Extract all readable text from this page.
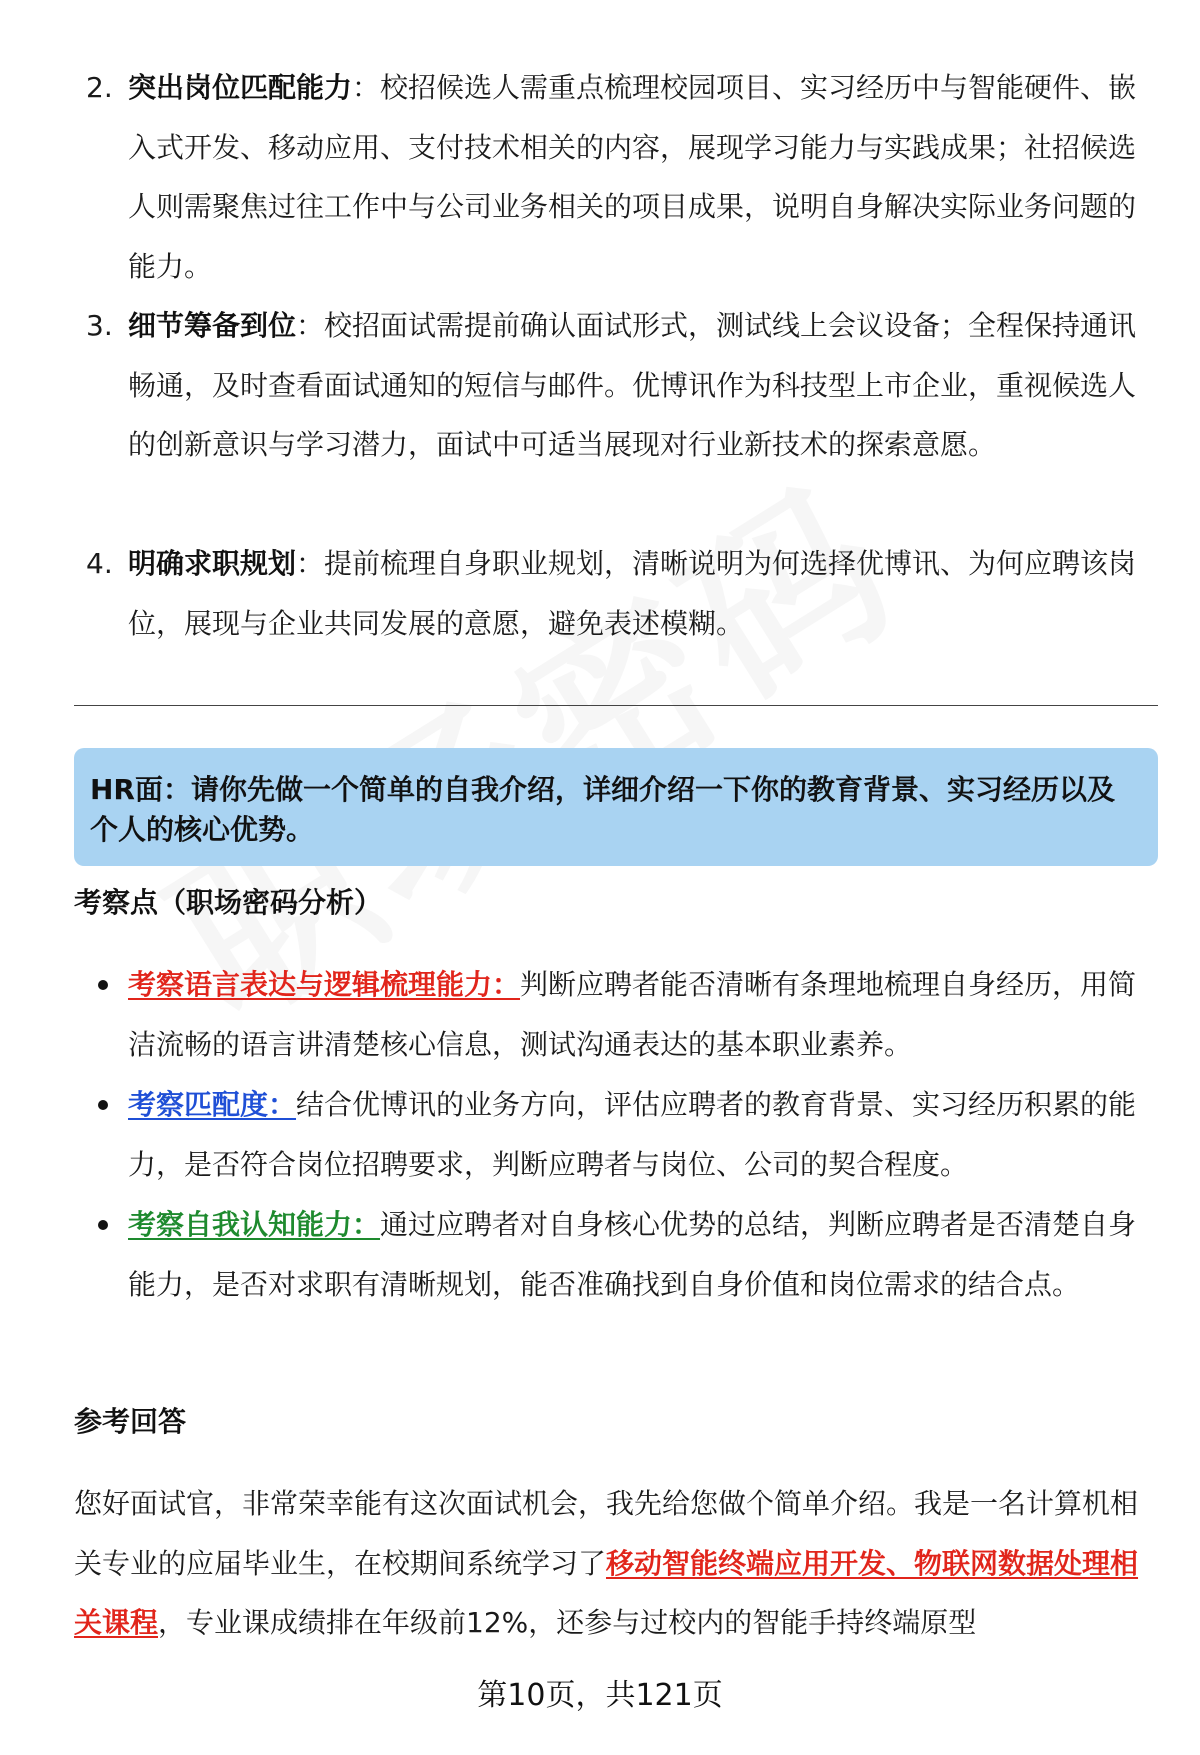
2. 突出岗位匹配能力：校招候选人需重点梳理校园项目、实习经历中与智能硬件、嵌入式开发、移动应用、支付技术相关的内容，展现学习能力与实践成果；社招候选人则需聚焦过往工作中与公司业务相关的项目成果，说明自身解决实际业务问题的能力。
3. 细节筹备到位：校招面试需提前确认面试形式，测试线上会议设备；全程保持通讯畅通，及时查看面试通知的短信与邮件。优博讯作为科技型上市企业，重视候选人的创新意识与学习潜力，面试中可适当展现对行业新技术的探索意愿。
4. 明确求职规划：提前梳理自身职业规划，清晰说明为何选择优博讯、为何应聘该岗位，展现与企业共同发展的意愿，避免表述模糊。
HR面：请你先做一个简单的自我介绍，详细介绍一下你的教育背景、实习经历以及个人的核心优势。
考察点（职场密码分析）
考察语言表达与逻辑梳理能力：判断应聘者能否清晰有条理地梳理自身经历，用简洁流畅的语言讲清楚核心信息，测试沟通表达的基本职业素养。
考察匹配度：结合优博讯的业务方向，评估应聘者的教育背景、实习经历积累的能力，是否符合岗位招聘要求，判断应聘者与岗位、公司的契合程度。
考察自我认知能力：通过应聘者对自身核心优势的总结，判断应聘者是否清楚自身能力，是否对求职有清晰规划，能否准确找到自身价值和岗位需求的结合点。
参考回答
您好面试官，非常荣幸能有这次面试机会，我先给您做个简单介绍。我是一名计算机相关专业的应届毕业生，在校期间系统学习了移动智能终端应用开发、物联网数据处理相关课程，专业课成绩排在年级前12%，还参与过校内的智能手持终端原型
第10页，共121页
